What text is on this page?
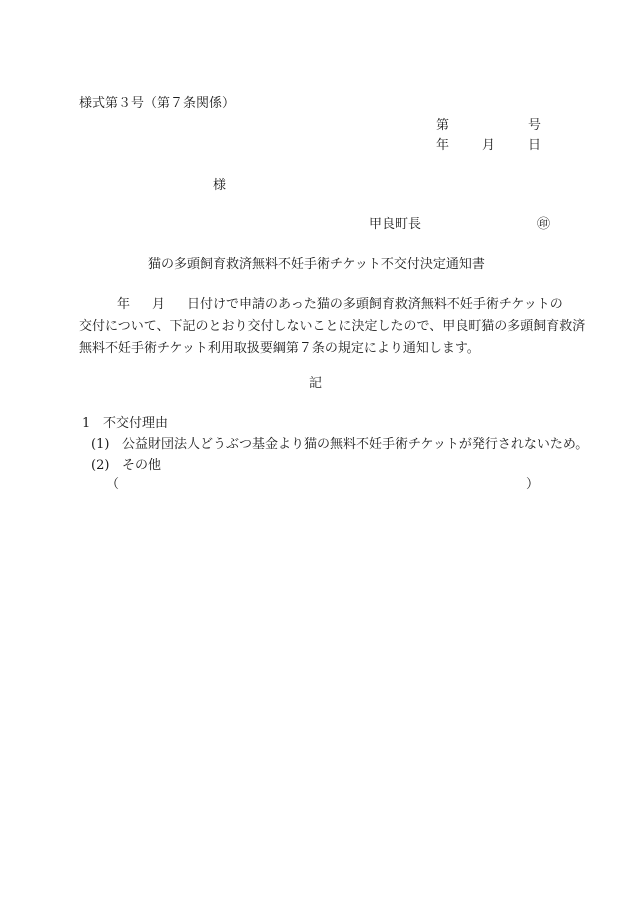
様式第３号（第７条関係）
第	号
年	月	日
様
甲良町長	㊞
猫の多頭飼育救済無料不妊手術チケット不交付決定通知書
年 月 日付けで申請のあった猫の多頭飼育救済無料不妊手術チケットの
交付について、下記のとおり交付しないことに決定したので、甲良町猫の多頭飼育救済
無料不妊手術チケット利用取扱要綱第７条の規定により通知します。
記
1 不交付理由
(1) 公益財団法人どうぶつ基金より猫の無料不妊手術チケットが発行されないため。
(2) その他
（	）
